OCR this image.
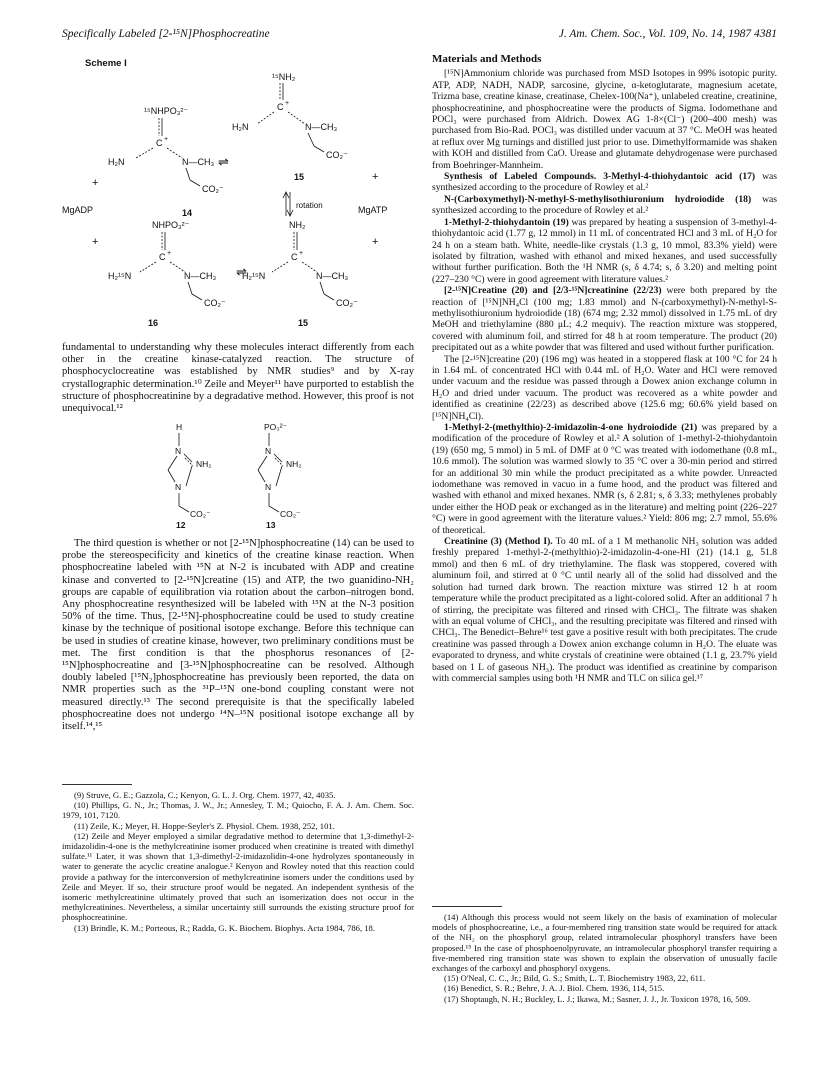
Specifically Labeled [2-¹⁵N]Phosphocreatine	J. Am. Chem. Soc., Vol. 109, No. 14, 1987 4381
Scheme I
¹⁵NH₂
C +
H₂N	N—CH₃
CO₂⁻
15
¹⁵NHPO₃²⁻
C +
H₂N	N—CH₃
CO₂⁻
14
⇌
+	+
MgADP	MgATP
+	+
rotation
NHPO₃²⁻
C +
H₂¹⁵N	N—CH₃
CO₂⁻
16
⇌
NH₂
C +
H₂¹⁵N	N—CH₃
CO₂⁻
15

fundamental to understanding why these molecules interact differently from each other in the creatine kinase-catalyzed reaction. The structure of phosphocyclocreatine was established by NMR studies⁹ and by X-ray crystallographic determination.¹⁰ Zeile and Meyer¹¹ have purported to establish the structure of phosphocreatinine by a degradative method. However, this proof is not unequivocal.¹²

H
N
NH₂
N
CO₂⁻
12
PO₃²⁻
N
NH₂
N
CO₂⁻
13

The third question is whether or not [2-¹⁵N]phosphocreatine (14) can be used to probe the stereospecificity and kinetics of the creatine kinase reaction. When phosphocreatine labeled with ¹⁵N at N-2 is incubated with ADP and creatine kinase and converted to [2-¹⁵N]creatine (15) and ATP, the two guanidino-NH₂ groups are capable of equilibration via rotation about the carbon–nitrogen bond. Any phosphocreatine resynthesized will be labeled with ¹⁵N at the N-3 position 50% of the time. Thus, [2-¹⁵N]-phosphocreatine could be used to study creatine kinase by the technique of positional isotope exchange. Before this technique can be used in studies of creatine kinase, however, two preliminary conditions must be met. The first condition is that the phosphorus resonances of [2-¹⁵N]phosphocreatine and [3-¹⁵N]phosphocreatine can be resolved. Although doubly labeled [¹⁵N₂]phosphocreatine has previously been reported, the data on NMR properties such as the ³¹P–¹⁵N one-bond coupling constant were not measured directly.¹³ The second prerequisite is that the specifically labeled phosphocreatine does not undergo ¹⁴N–¹⁵N positional isotope exchange all by itself.¹⁴,¹⁵

(9) Struve, G. E.; Gazzola, C.; Kenyon, G. L. J. Org. Chem. 1977, 42, 4035.

(10) Phillips, G. N., Jr.; Thomas, J. W., Jr.; Annesley, T. M.; Quiocho, F. A. J. Am. Chem. Soc. 1979, 101, 7120.

(11) Zeile, K.; Meyer, H. Hoppe-Seyler's Z. Physiol. Chem. 1938, 252, 101.

(12) Zeile and Meyer employed a similar degradative method to determine that 1,3-dimethyl-2-imidazolidin-4-one is the methylcreatinine isomer produced when creatinine is treated with dimethyl sulfate.¹¹ Later, it was shown that 1,3-dimethyl-2-imidazolidin-4-one hydrolyzes spontaneously in water to generate the acyclic creatine analogue.² Kenyon and Rowley noted that this reaction could provide a pathway for the interconversion of methylcreatinine isomers under the conditions used by Zeile and Meyer. If so, their structure proof would be negated. An independent synthesis of the isomeric methylcreatinine ultimately proved that such an isomerization does not occur in the methylcreatinines. Nevertheless, a similar uncertainty still surrounds the existing structure proof for phosphocreatinine.

(13) Brindle, K. M.; Porteous, R.; Radda, G. K. Biochem. Biophys. Acta 1984, 786, 18.

Materials and Methods

[¹⁵N]Ammonium chloride was purchased from MSD Isotopes in 99% isotopic purity. ATP, ADP, NADH, NADP, sarcosine, glycine, α-ketoglutarate, magnesium acetate, Trizma base, creatine kinase, creatinase, Chelex-100(Na⁺), unlabeled creatine, creatinine, phosphocreatinine, and phosphocreatine were the products of Sigma. Iodomethane and POCl₃ were purchased from Aldrich. Dowex AG 1-8×(Cl⁻) (200–400 mesh) was purchased from Bio-Rad. POCl₃ was distilled under vacuum at 37 °C. MeOH was heated at reflux over Mg turnings and distilled just prior to use. Dimethylformamide was shaken with KOH and distilled from CaO. Urease and glutamate dehydrogenase were purchased from Boehringer-Mannheim.

Synthesis of Labeled Compounds. 3-Methyl-4-thiohydantoic acid (17) was synthesized according to the procedure of Rowley et al.²

N-(Carboxymethyl)-N-methyl-S-methylisothiuronium hydroiodide (18) was synthesized according to the procedure of Rowley et al.²

1-Methyl-2-thiohydantoin (19) was prepared by heating a suspension of 3-methyl-4-thiohydantoic acid (1.77 g, 12 mmol) in 11 mL of concentrated HCl and 3 mL of H₂O for 24 h on a steam bath. White, needle-like crystals (1.3 g, 10 mmol, 83.3% yield) were isolated by filtration, washed with ethanol and mixed hexanes, and used successfully without further purification. Both the ¹H NMR (s, δ 4.74; s, δ 3.20) and melting point (227–230 °C) were in good agreement with literature values.²

[2-¹⁵N]Creatine (20) and [2/3-¹⁵N]creatinine (22/23) were both prepared by the reaction of [¹⁵N]NH₄Cl (100 mg; 1.83 mmol) and N-(carboxymethyl)-N-methyl-S-methylisothiuronium hydroiodide (18) (674 mg; 2.32 mmol) dissolved in 1.75 mL of dry MeOH and triethylamine (880 μL; 4.2 mequiv). The reaction mixture was stoppered, covered with aluminum foil, and stirred for 48 h at room temperature. The product (20) precipitated out as a white powder that was filtered and used without further purification.

The [2-¹⁵N]creatine (20) (196 mg) was heated in a stoppered flask at 100 °C for 24 h in 1.64 mL of concentrated HCl with 0.44 mL of H₂O. Water and HCl were removed under vacuum and the residue was passed through a Dowex anion exchange column in H₂O and dried under vacuum. The product was recovered as a white powder and identified as creatinine (22/23) as described above (125.6 mg; 60.6% yield based on [¹⁵N]NH₄Cl).

1-Methyl-2-(methylthio)-2-imidazolin-4-one hydroiodide (21) was prepared by a modification of the procedure of Rowley et al.² A solution of 1-methyl-2-thiohydantoin (19) (650 mg, 5 mmol) in 5 mL of DMF at 0 °C was treated with iodomethane (0.8 mL, 10.6 mmol). The solution was warmed slowly to 35 °C over a 30-min period and stirred for an additional 30 min while the product precipitated as a white powder. Unreacted iodomethane was removed in vacuo in a fume hood, and the product was filtered and washed with ethanol and mixed hexanes. NMR (s, δ 2.81; s, δ 3.33; methylenes probably under either the HOD peak or exchanged as in the literature) and melting point (226–227 °C) were in good agreement with the literature values.² Yield: 806 mg; 2.7 mmol, 55.6% of theoretical.

Creatinine (3) (Method I). To 40 mL of a 1 M methanolic NH₃ solution was added freshly prepared 1-methyl-2-(methylthio)-2-imidazolin-4-one-HI (21) (14.1 g, 51.8 mmol) and then 6 mL of dry triethylamine. The flask was stoppered, covered with aluminum foil, and stirred at 0 °C until nearly all of the solid had dissolved and the solution had turned dark brown. The reaction mixture was stirred 12 h at room temperature while the product precipitated as a light-colored solid. After an additional 7 h of stirring, the precipitate was filtered and rinsed with CHCl₃. The filtrate was shaken with an equal volume of CHCl₃, and the resulting precipitate was filtered and rinsed with CHCl₃. The Benedict–Behre¹⁶ test gave a positive result with both precipitates. The crude creatinine was passed through a Dowex anion exchange column in H₂O. The eluate was evaporated to dryness, and white crystals of creatinine were obtained (1.1 g, 23.7% yield based on 1 L of gaseous NH₃). The product was identified as creatinine by comparison with commercial samples using both ¹H NMR and TLC on silica gel.¹⁷

(14) Although this process would not seem likely on the basis of examination of molecular models of phosphocreatine, i.e., a four-membered ring transition state would be required for attack of the NH₂ on the phosphoryl group, related intramolecular phosphoryl transfers have been proposed.¹⁵ In the case of phosphoenolpyruvate, an intramolecular phosphoryl transfer requiring a five-membered ring transition state was shown to explain the observation of unusually facile exchanges of the carboxyl and phosphoryl oxygens.

(15) O'Neal, C. C., Jr.; Bild, G. S.; Smith, L. T. Biochemistry 1983, 22, 611.

(16) Benedict, S. R.; Behre, J. A. J. Biol. Chem. 1936, 114, 515.

(17) Shoptaugh, N. H.; Buckley, L. J.; Ikawa, M.; Sasner, J. J., Jr. Toxicon 1978, 16, 509.
